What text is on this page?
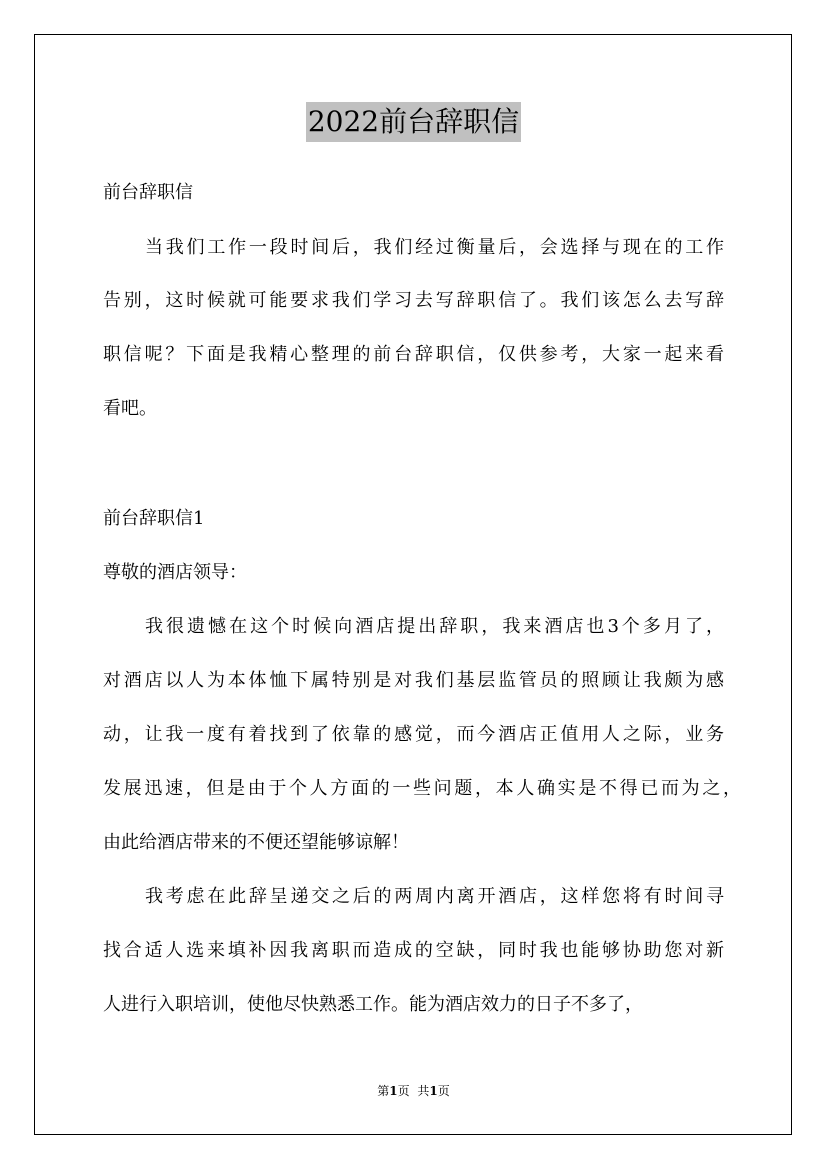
2022前台辞职信
前台辞职信
当我们工作一段时间后，我们经过衡量后，会选择与现在的工作
告别，这时候就可能要求我们学习去写辞职信了。我们该怎么去写辞
职信呢？下面是我精心整理的前台辞职信，仅供参考，大家一起来看
看吧。
前台辞职信1
尊敬的酒店领导：
我很遗憾在这个时候向酒店提出辞职，我来酒店也3个多月了，
对酒店以人为本体恤下属特别是对我们基层监管员的照顾让我颇为感
动，让我一度有着找到了依靠的感觉，而今酒店正值用人之际，业务
发展迅速，但是由于个人方面的一些问题，本人确实是不得已而为之，
由此给酒店带来的不便还望能够谅解！
我考虑在此辞呈递交之后的两周内离开酒店，这样您将有时间寻
找合适人选来填补因我离职而造成的空缺，同时我也能够协助您对新
人进行入职培训，使他尽快熟悉工作。能为酒店效力的日子不多了，
第1页 共1页
